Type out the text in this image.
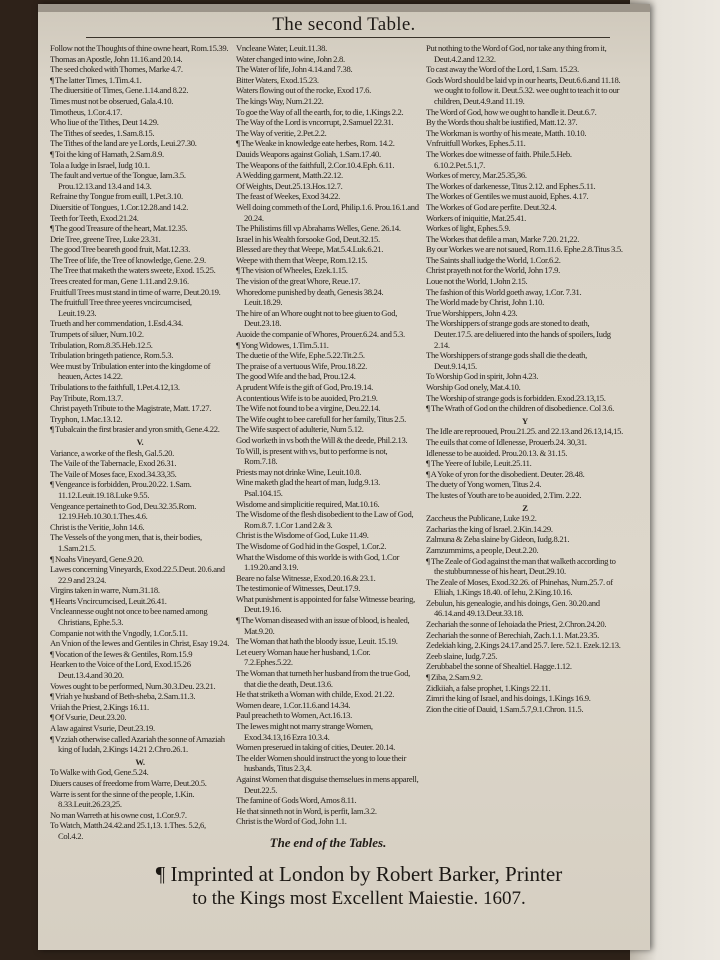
The second Table.
Follow not the Thoughts of thine owne heart, Rom.15.39.
Thomas an Apostle, John 11.16.and 20.14.
The seed choked with Thornes, Marke 4.7.
¶ The latter Times, 1.Tim.4.1.
The diuersitie of Times, Gene.1.14.and 8.22.
Times must not be obserued, Gala.4.10.
Timotheus, 1.Cor.4.17.
Who liue of the Tithes, Deut 14.29.
The Tithes of seedes, 1.Sam.8.15.
The Tithes of the land are ye Lords, Leui.27.30.
¶ Toi the king of Hamath, 2.Sam.8.9.
Tola a Iudge in Israel, Iudg 10.1.
The fault and vertue of the Tongue, Iam.3.5. Prou.12.13.and 13.4 and 14.3.
Refraine thy Tongue from euill, 1.Pet.3.10.
Diuersitie of Tongues, 1.Cor.12.28.and 14.2.
Teeth for Teeth, Exod.21.24.
¶ The good Treasure of the heart, Mat.12.35.
Drie Tree, greene Tree, Luke 23.31.
The good Tree beareth good fruit, Mat.12.33.
The Tree of life, the Tree of knowledge, Gene. 2.9.
The Tree that maketh the waters sweete, Exod. 15.25.
Trees created for man, Gene 1.11.and 2.9.16.
Fruitfull Trees must stand in time of warre, Deut.20.19.
The fruitfull Tree three yeeres vncircumcised, Leuit.19.23.
Trueth and her commendation, 1.Esd.4.34.
Trumpets of siluer, Num.10.2.
Tribulation, Rom.8.35.Heb.12.5.
Tribulation bringeth patience, Rom.5.3.
Wee must by Tribulation enter into the kingdome of heauen, Actes 14.22.
Tribulations to the faithfull, 1.Pet.4.12,13.
Pay Tribute, Rom.13.7.
Christ payeth Tribute to the Magistrate, Matt. 17.27.
Tryphon, 1.Mac.13.12.
¶ Tubalcain the first brasier and yron smith, Gene.4.22.
V.
Variance, a worke of the flesh, Gal.5.20.
The Vaile of the Tabernacle, Exod 26.31.
The Vaile of Moses face, Exod.34.33,35.
¶ Vengeance is forbidden, Prou.20.22. 1.Sam. 11.12.Leuit.19.18.Luke 9.55.
Vengeance pertaineth to God, Deu.32.35.Rom. 12.19.Heb.10.30.1.Thes.4.6.
Christ is the Veritie, John 14.6.
The Vessels of the yong men, that is, their bodies, 1.Sam.21.5.
¶ Noahs Vineyard, Gene.9.20.
Lawes concerning Vineyards, Exod.22.5.Deut. 20.6.and 22.9 and 23.24.
Virgins taken in warre, Num.31.18.
¶ Hearts Vncircumcised, Leuit.26.41.
Vncleannesse ought not once to bee named among Christians, Ephe.5.3.
Companie not with the Vngodly, 1.Cor.5.11.
An Vnion of the Iewes and Gentiles in Christ, Esay 19.24.
¶ Vocation of the Iewes & Gentiles, Rom.15.9
Hearken to the Voice of the Lord, Exod.15.26 Deut.13.4.and 30.20.
Vowes ought to be performed, Num.30.3.Deu. 23.21.
¶ Vriah ye husband of Beth-sheba, 2.Sam.11.3.
Vriiah the Priest, 2.Kings 16.11.
¶ Of Vsurie, Deut.23.20.
A law against Vsurie, Deut.23.19.
¶ Vzziah otherwise called Azariah the sonne of Amaziah king of Iudah, 2.Kings 14.21 2.Chro.26.1.
W.
To Walke with God, Gene.5.24.
Diuers causes of freedome from Warre, Deut.20.5.
Warre is sent for the sinne of the people, 1.Kin. 8.33.Leuit.26.23,25.
No man Warreth at his owne cost, 1.Cor.9.7.
To Watch, Matth.24.42.and 25.1,13. 1.Thes. 5.2,6, Col.4.2.
Vncleane Water, Leuit.11.38.
Water changed into wine, John 2.8.
The Water of life, John 4.14.and 7.38.
Bitter Waters, Exod.15.23.
Waters flowing out of the rocke, Exod 17.6.
The kings Way, Num.21.22.
To goe the Way of all the earth, for, to die, 1.Kings 2.2.
The Way of the Lord is vncorrupt, 2.Samuel 22.31.
The Way of veritie, 2.Pet.2.2.
¶ The Weake in knowledge eate herbes, Rom. 14.2.
Dauids Weapons against Goliah, 1.Sam.17.40.
The Weapons of the faithfull, 2.Cor.10.4.Eph. 6.11.
A Wedding garment, Matth.22.12.
Of Weights, Deut.25.13.Hos.12.7.
The feast of Weekes, Exod 34.22.
Well doing commeth of the Lord, Philip.1.6. Prou.16.1.and 20.24.
The Philistims fill vp Abrahams Welles, Gene. 26.14.
Israel in his Wealth forsooke God, Deut.32.15.
Blessed are they that Weepe, Mat.5.4.Luk.6.21.
Weepe with them that Weepe, Rom.12.15.
¶ The vision of Wheeles, Ezek.1.15.
The vision of the great Whore, Reue.17.
Whoredome punished by death, Genesis 38.24. Leuit.18.29.
The hire of an Whore ought not to bee giuen to God, Deut.23.18.
Auoide the companie of Whores, Prouer.6.24. and 5.3.
¶ Yong Widowes, 1.Tim.5.11.
The duetie of the Wife, Ephe.5.22.Tit.2.5.
The praise of a vertuous Wife, Prou.18.22.
The good Wife and the bad, Prou.12.4.
A prudent Wife is the gift of God, Pro.19.14.
A contentious Wife is to be auoided, Pro.21.9.
The Wife not found to be a virgine, Deu.22.14.
The Wife ought to bee carefull for her family, Titus 2.5.
The Wife suspect of adulterie, Num 5.12.
God worketh in vs both the Will & the deede, Phil.2.13.
To Will, is present with vs, but to performe is not, Rom.7.18.
Priests may not drinke Wine, Leuit.10.8.
Wine maketh glad the heart of man, Iudg.9.13. Psal.104.15.
Wisdome and simplicitie required, Mat.10.16.
The Wisdome of the flesh disobedient to the Law of God, Rom.8.7. 1.Cor 1.and 2.& 3.
Christ is the Wisdome of God, Luke 11.49.
The Wisdome of God hid in the Gospel, 1.Cor.2.
What the Wisdome of this worlde is with God, 1.Cor 1.19.20.and 3.19.
Beare no false Witnesse, Exod.20.16.& 23.1.
The testimonie of Witnesses, Deut.17.9.
What punishment is appointed for false Witnesse bearing, Deut.19.16.
¶ The Woman diseased with an issue of blood, is healed, Mat.9.20.
The Woman that hath the bloody issue, Leuit. 15.19.
Let euery Woman haue her husband, 1.Cor. 7.2.Ephes.5.22.
The Woman that turneth her husband from the true God, that die the death, Deut.13.6.
He that striketh a Woman with childe, Exod. 21.22.
Women deare, 1.Cor.11.6.and 14.34.
Paul preacheth to Women, Act.16.13.
The Iewes might not marry strange Women, Exod.34.13,16 Ezra 10.3.4.
Women preserued in taking of cities, Deuter. 20.14.
The elder Women should instruct the yong to loue their husbands, Titus 2.3,4.
Against Women that disguise themselues in mens apparell, Deut.22.5.
The famine of Gods Word, Amos 8.11.
He that sinneth not in Word, is perfit, Iam.3.2.
Christ is the Word of God, John 1.1.
The end of the Tables.
Put nothing to the Word of God, nor take any thing from it, Deut.4.2.and 12.32.
To cast away the Word of the Lord, 1.Sam. 15.23.
Gods Word should be laid vp in our hearts, Deut.6.6.and 11.18. we ought to follow it. Deut.5.32. wee ought to teach it to our children, Deut.4.9.and 11.19.
The Word of God, how we ought to handle it. Deut.6.7.
By the Words thou shalt be iustified, Matt.12. 37.
The Workman is worthy of his meate, Matth. 10.10.
Vnfruitfull Workes, Ephes.5.11.
The Workes doe witnesse of faith. Phile.5.Heb. 6.10.2.Pet.5.1,7.
Workes of mercy, Mar.25.35,36.
The Workes of darkenesse, Titus 2.12. and Ephes.5.11.
The Workes of Gentiles we must auoid, Ephes. 4.17.
The Workes of God are perfite. Deut.32.4.
Workers of iniquitie, Mat.25.41.
Workes of light, Ephes.5.9.
The Workes that defile a man, Marke 7.20. 21,22.
By our Workes we are not saued, Rom.11.6. Ephe.2.8.Titus 3.5.
The Saints shall iudge the World, 1.Cor.6.2.
Christ prayeth not for the World, John 17.9.
Loue not the World, 1.John 2.15.
The fashion of this World goeth away, 1.Cor. 7.31.
The World made by Christ, John 1.10.
True Worshippers, John 4.23.
The Worshippers of strange gods are stoned to death, Deuter.17.5. are deliuered into the hands of spoilers, Iudg 2.14.
The Worshippers of strange gods shall die the death, Deut.9.14,15.
To Worship God in spirit, John 4.23.
Worship God onely, Mat.4.10.
The Worship of strange gods is forbidden. Exod.23.13,15.
¶ The Wrath of God on the children of disobedience. Col 3.6.
Y
The Idle are reprooued, Prou.21.25. and 22.13.and 26.13,14,15.
The euils that come of Idlenesse, Prouerb.24. 30,31.
Idlenesse to be auoided. Prou.20.13. & 31.15.
¶ The Yeere of Iubile, Leuit.25.11.
¶ A Yoke of yron for the disobedient. Deuter. 28.48.
The duety of Yong women, Titus 2.4.
The lustes of Youth are to be auoided, 2.Tim. 2.22.
Z
Zaccheus the Publicane, Luke 19.2.
Zacharias the king of Israel. 2.Kin.14.29.
Zalmuna & Zeba slaine by Gideon, Iudg.8.21.
Zamzummims, a people, Deut.2.20.
¶ The Zeale of God against the man that walketh according to the stubburnnesse of his heart, Deut.29.10.
The Zeale of Moses, Exod.32.26. of Phinehas, Num.25.7. of Eliiah, 1.Kings 18.40. of Iehu, 2.King.10.16.
Zebulun, his genealogie, and his doings, Gen. 30.20.and 46.14.and 49.13.Deut.33.18.
Zechariah the sonne of Iehoiada the Priest, 2.Chron.24.20.
Zechariah the sonne of Berechiah, Zach.1.1. Mat.23.35.
Zedekiah king, 2.Kings 24.17.and 25.7. Iere. 52.1. Ezek.12.13.
Zeeb slaine, Iudg.7.25.
Zerubbabel the sonne of Shealtiel. Hagge.1.12.
¶ Ziba, 2.Sam.9.2.
Zidkiiah, a false prophet, 1.Kings 22.11.
Zimri the king of Israel, and his doings, 1.Kings 16.9.
Zion the citie of Dauid, 1.Sam.5.7,9.1.Chron. 11.5.
¶ Imprinted at London by Robert Barker, Printer
to the Kings most Excellent Maiestie. 1607.
